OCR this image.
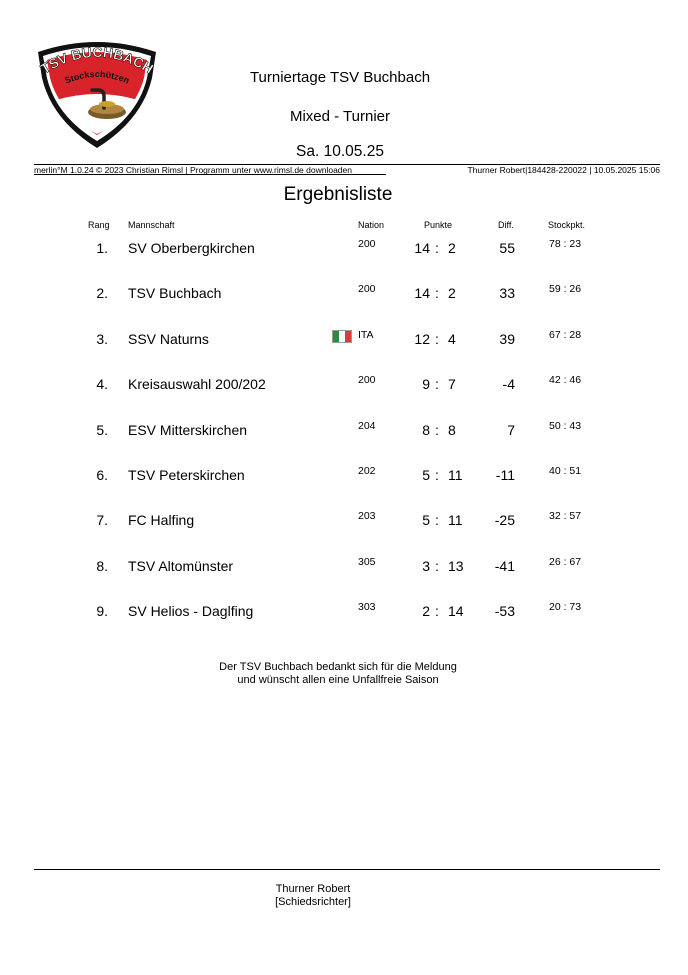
TSV BUCHBACH
Stockschützen	Turniertage TSV Buchbach
Mixed - Turnier
Sa. 10.05.25
merlin°M 1.0.24 © 2023 Christian Rimsl | Programm unter www.rimsl.de downloaden	Thurner Robert|184428-220022 | 10.05.2025 15:06
Ergebnisliste
Rang Mannschaft	Nation	Punkte	Diff.	Stockpkt.
1. SV Oberbergkirchen	200	14 : 2	55	78 : 23
2. TSV Buchbach	200	14 : 2	33	59 : 26
3. SSV Naturns	ITA	12 : 4	39	67 : 28
4. Kreisauswahl 200/202	200	9 : 7	-4	42 : 46
5. ESV Mitterskirchen	204	8 : 8	7	50 : 43
6. TSV Peterskirchen	202	5 : 11	-11	40 : 51
7. FC Halfing	203	5 : 11	-25	32 : 57
8. TSV Altomünster	305	3 : 13	-41	26 : 67
9. SV Helios - Daglfing	303	2 : 14	-53	20 : 73
Der TSV Buchbach bedankt sich für die Meldung
und wünscht allen eine Unfallfreie Saison
Thurner Robert
[Schiedsrichter]
